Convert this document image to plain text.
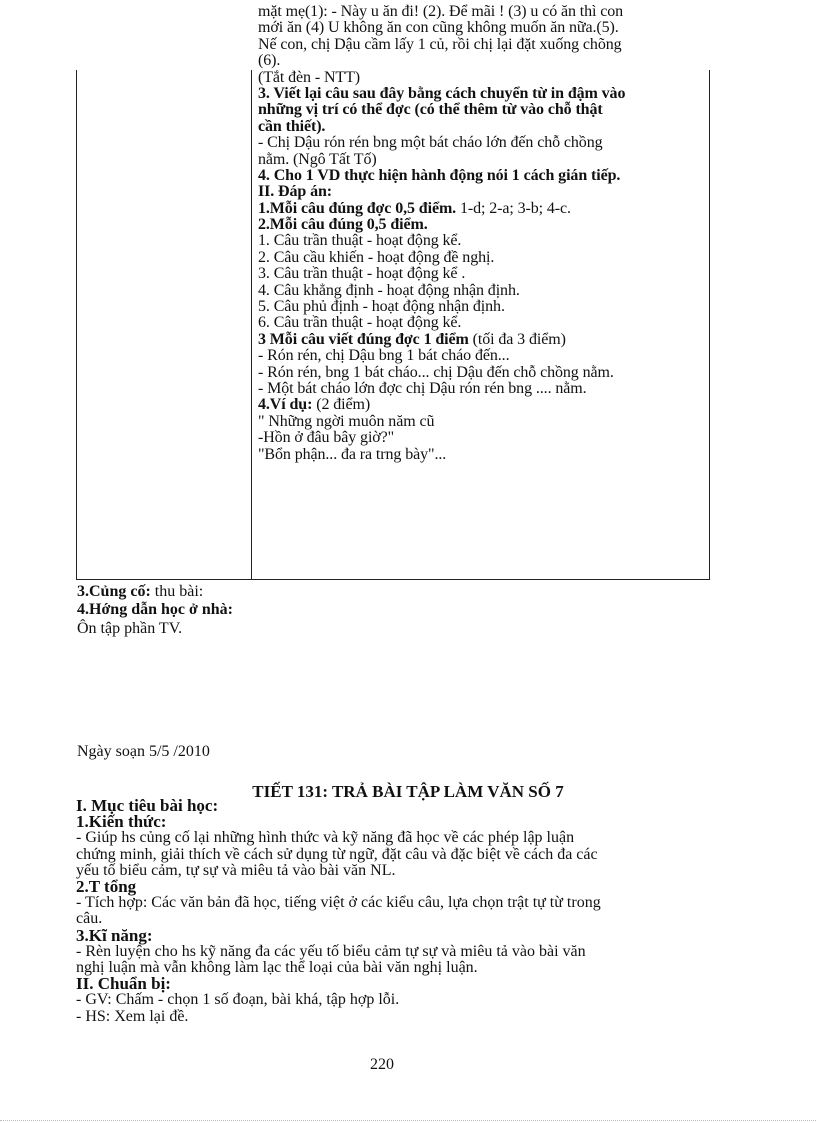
mặt mẹ(1): - Này u ăn đi! (2). Để mãi ! (3) u có ăn thì con
mới ăn (4) U không ăn con cũng không muốn ăn nữa.(5).
Nế con, chị Dậu cầm lấy 1 củ, rồi chị lại đặt xuống chõng
(6).
(Tắt đèn - NTT)
3. Viết lại câu sau đây bằng cách chuyển từ in đậm vào
những vị trí có thể đợc (có thể thêm từ vào chỗ thật
cần thiết).
- Chị Dậu rón rén bng một bát cháo lớn đến chỗ chồng
nằm. (Ngô Tất Tố)
4. Cho 1 VD thực hiện hành động nói 1 cách gián tiếp.
II. Đáp án:
1.Mỗi câu đúng đợc 0,5 điểm. 1-d; 2-a; 3-b; 4-c.
2.Mỗi câu đúng 0,5 điểm.
1. Câu trần thuật - hoạt động kể.
2. Câu cầu khiến - hoạt động đề nghị.
3. Câu trần thuật - hoạt động kể .
4. Câu khẳng định - hoạt động nhận định.
5. Câu phủ định - hoạt động nhận định.
6. Câu trần thuật - hoạt động kể.
3 Mỗi câu viết đúng đợc 1 điểm (tối đa 3 điểm)
- Rón rén, chị Dậu bng 1 bát cháo đến...
- Rón rén, bng 1 bát cháo... chị Dậu đến chỗ chồng nằm.
- Một bát cháo lớn đợc chị Dậu rón rén bng .... nằm.
4.Ví dụ: (2 điểm)
" Những ngời muôn năm cũ
-Hồn ở đâu bây giờ?"
"Bổn phận... đa ra trng bày"...
3.Củng cố: thu bài:
4.Hớng dẫn học ở nhà:
Ôn tập phần TV.
Ngày soạn 5/5 /2010
TIẾT 131: TRẢ BÀI TẬP LÀM VĂN SỐ 7
I. Mục tiêu bài học:
1.Kiến thức:
- Giúp hs củng cố lại những hình thức và kỹ năng đã học về các phép lập luận
chứng minh, giải thích về cách sử dụng từ ngữ, đặt câu và đặc biệt về cách đa các
yếu tố biểu cảm, tự sự và miêu tả vào bài văn NL.
2.T tổng
- Tích hợp: Các văn bản đã học, tiếng việt ở các kiểu câu, lựa chọn trật tự từ trong
câu.
3.Kĩ năng:
- Rèn luyện cho hs kỹ năng đa các yếu tố biểu cảm tự sự và miêu tả vào bài văn
nghị luận mà vẫn không làm lạc thể loại của bài văn nghị luận.
II. Chuẩn bị:
- GV: Chấm - chọn 1 số đoạn, bài khá, tập hợp lỗi.
- HS: Xem lại đề.
220
